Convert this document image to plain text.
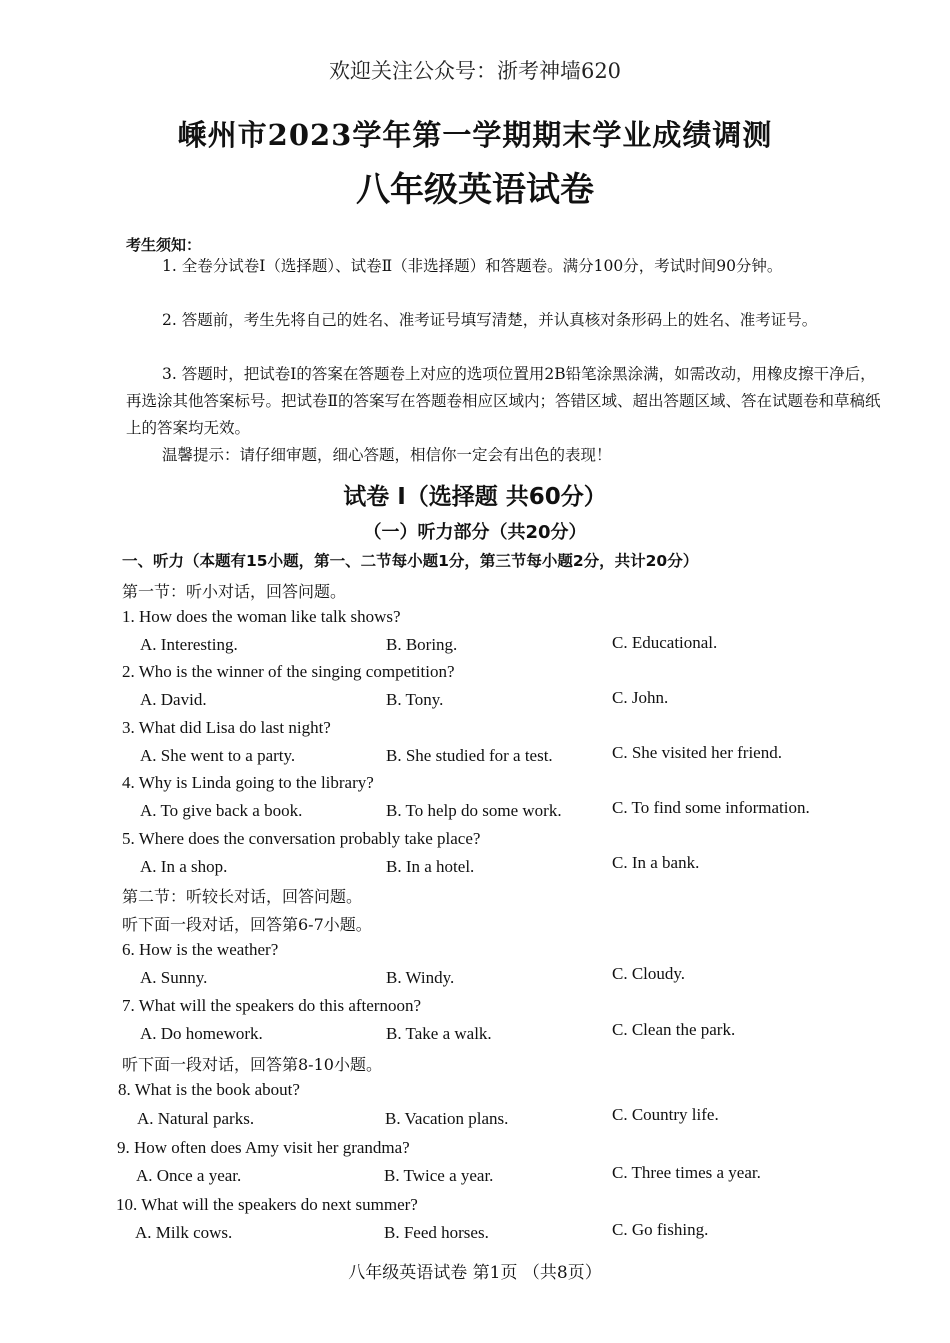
欢迎关注公众号：浙考神墙620
嵊州市2023学年第一学期期末学业成绩调测
八年级英语试卷
考生须知：
1. 全卷分试卷Ⅰ（选择题）、试卷Ⅱ（非选择题）和答题卷。满分100分，考试时间90分钟。
2. 答题前，考生先将自己的姓名、准考证号填写清楚，并认真核对条形码上的姓名、准考证号。
3. 答题时，把试卷Ⅰ的答案在答题卷上对应的选项位置用2B铅笔涂黑涂满，如需改动，用橡皮擦干净后，再选涂其他答案标号。把试卷Ⅱ的答案写在答题卷相应区域内；答错区域、超出答题区域、答在试题卷和草稿纸上的答案均无效。
温馨提示：请仔细审题，细心答题，相信你一定会有出色的表现！
试卷 I（选择题 共60分）
（一）听力部分（共20分）
一、听力（本题有15小题，第一、二节每小题1分，第三节每小题2分，共计20分）
第一节：听小对话，回答问题。
1. How does the woman like talk shows?
A. Interesting.	B. Boring.	C. Educational.
2. Who is the winner of the singing competition?
A. David.	B. Tony.	C. John.
3. What did Lisa do last night?
A. She went to a party.	B. She studied for a test.	C. She visited her friend.
4. Why is Linda going to the library?
A. To give back a book.	B. To help do some work.	C. To find some information.
5. Where does the conversation probably take place?
A. In a shop.	B. In a hotel.	C. In a bank.
第二节：听较长对话，回答问题。
听下面一段对话，回答第6-7小题。
6. How is the weather?
A. Sunny.	B. Windy.	C. Cloudy.
7. What will the speakers do this afternoon?
A. Do homework.	B. Take a walk.	C. Clean the park.
听下面一段对话，回答第8-10小题。
8. What is the book about?
A. Natural parks.	B. Vacation plans.	C. Country life.
9. How often does Amy visit her grandma?
A. Once a year.	B. Twice a year.	C. Three times a year.
10. What will the speakers do next summer?
A. Milk cows.	B. Feed horses.	C. Go fishing.
八年级英语试卷 第1页 （共8页）
